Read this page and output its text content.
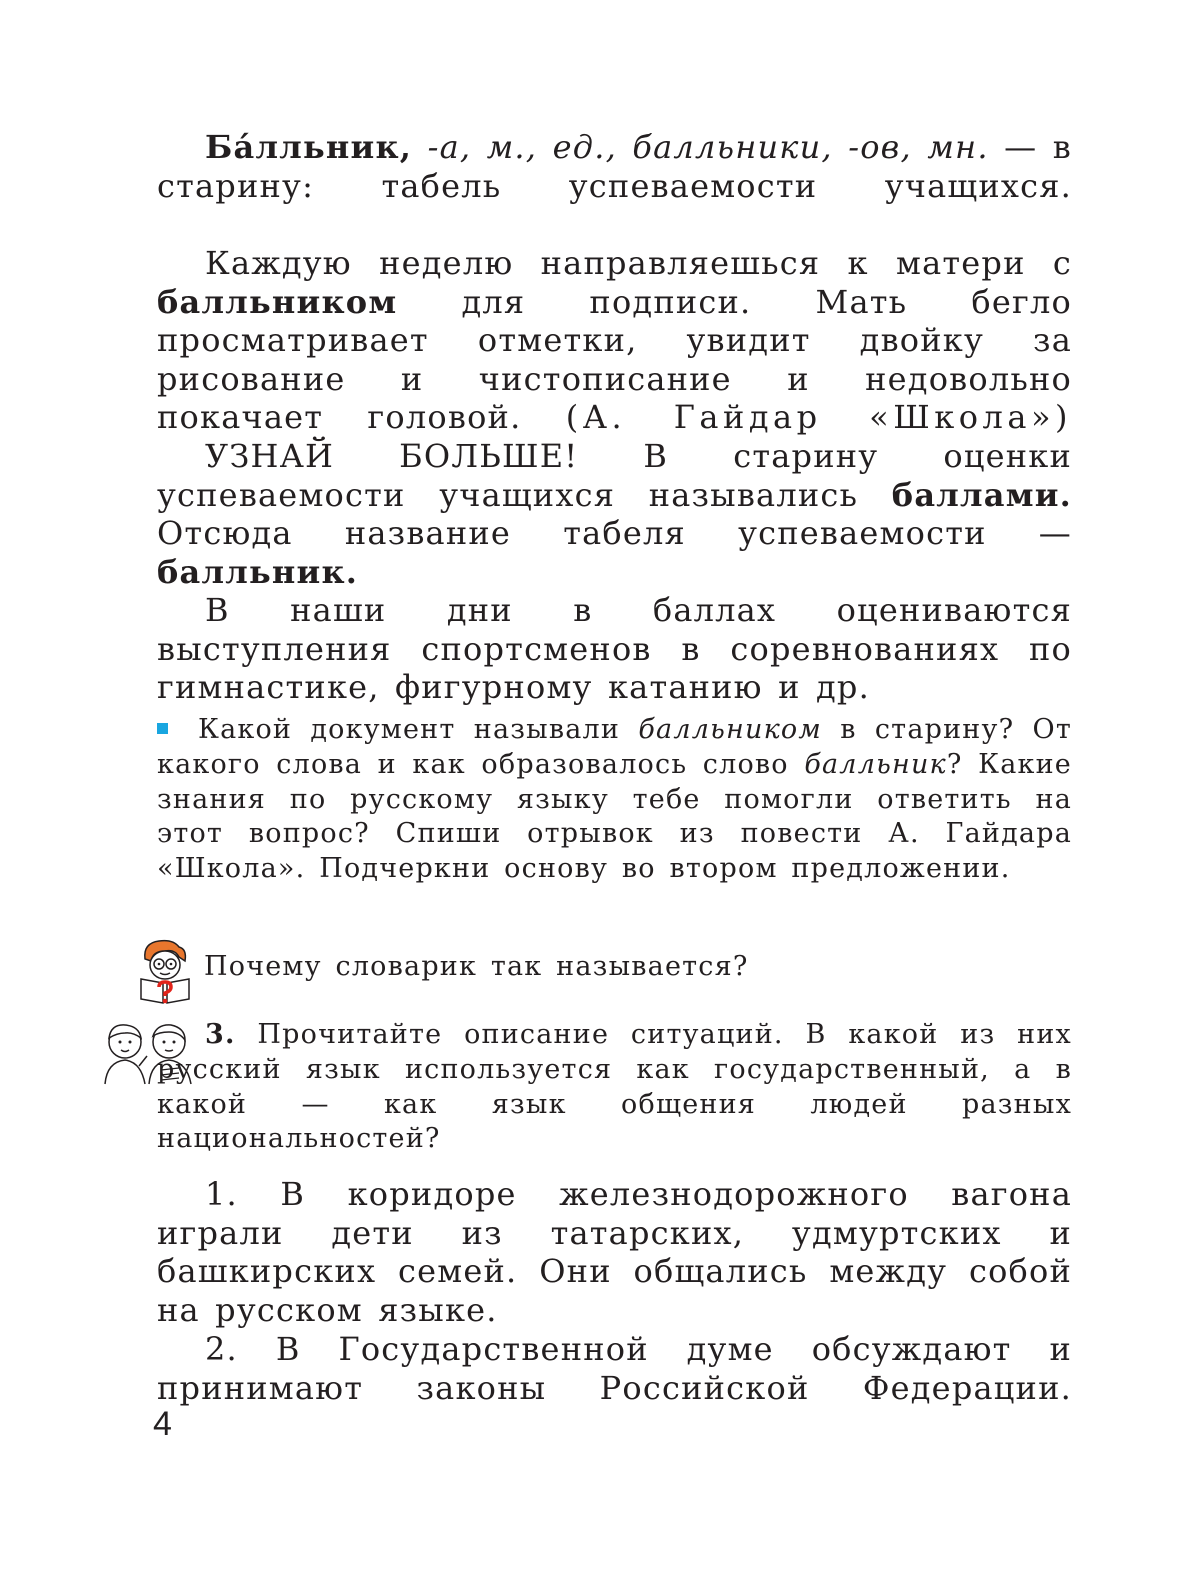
Ба́лльник, -а, м., ед., балльники, -ов, мн. — в старину: табель успеваемости учащихся.

Каждую неделю направляешься к матери с балльником для подписи. Мать бегло просматривает отметки, увидит двойку за рисование и чистописание и недовольно покачает головой. (А. Гайдар «Школа»)

УЗНАЙ БОЛЬШЕ! В старину оценки успеваемости учащихся назывались баллами. Отсюда название табеля успеваемости — балльник.

В наши дни в баллах оцениваются выступления спортсменов в соревнованиях по гимнастике, фигурному катанию и др.

Какой документ называли балльником в старину? От какого слова и как образовалось слово балльник? Какие знания по русскому языку тебе помогли ответить на этот вопрос? Спиши отрывок из повести А. Гайдара «Школа». Подчеркни основу во втором предложении.

Почему словарик так называется?

3. Прочитайте описание ситуаций. В какой из них русский язык используется как государственный, а в какой — как язык общения людей разных национальностей?

1. В коридоре железнодорожного вагона играли дети из татарских, удмуртских и башкирских семей. Они общались между собой на русском языке.

2. В Государственной думе обсуждают и принимают законы Российской Федерации.

4
